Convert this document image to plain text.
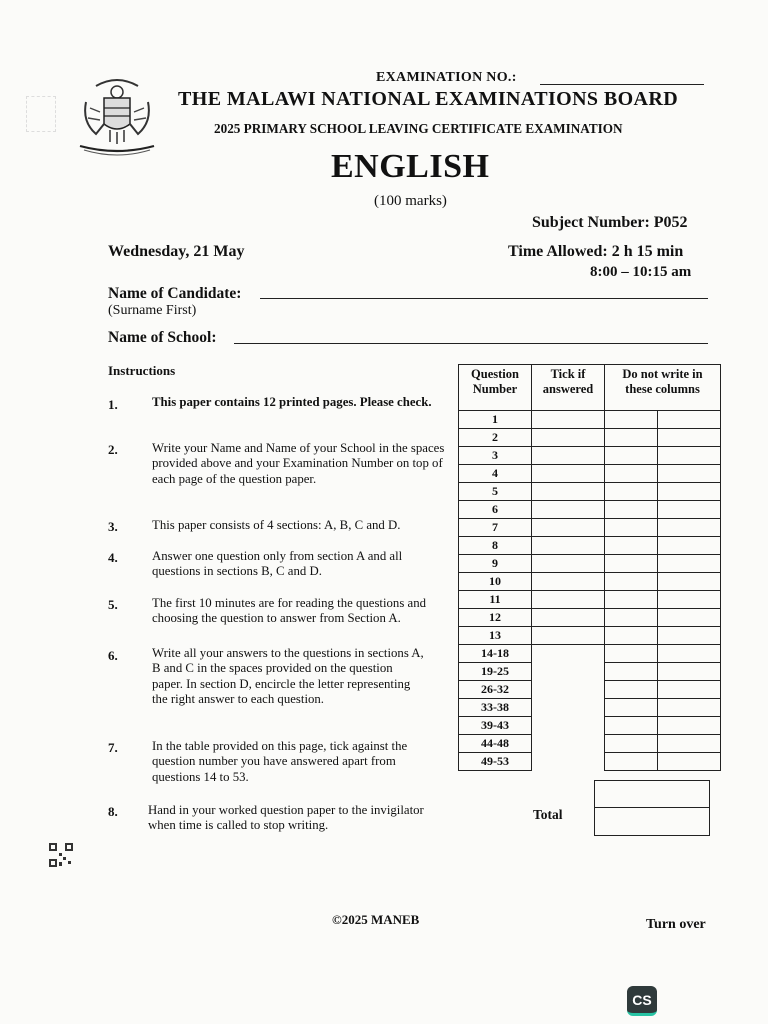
EXAMINATION NO.:
THE MALAWI NATIONAL EXAMINATIONS BOARD
2025 PRIMARY SCHOOL LEAVING CERTIFICATE EXAMINATION
ENGLISH
(100 marks)
Subject Number: P052
Wednesday, 21 May	Time Allowed: 2 h 15 min
8:00 – 10:15 am
Name of Candidate:
(Surname First)
Name of School:
Instructions
1.	This paper contains 12 printed pages. Please check.
2.	Write your Name and Name of your School in the spaces provided above and your Examination Number on top of each page of the question paper.
3.	This paper consists of 4 sections: A, B, C and D.
4.	Answer one question only from section A and all questions in sections B, C and D.
5.	The first 10 minutes are for reading the questions and choosing the question to answer from Section A.
6.	Write all your answers to the questions in sections A, B and C in the spaces provided on the question paper. In section D, encircle the letter representing the right answer to each question.
7.	In the table provided on this page, tick against the question number you have answered apart from questions 14 to 53.
8. Hand in your worked question paper to the invigilator when time is called to stop writing.
Question Number	Tick if answered	Do not write in these columns	
1			
2			
3			
4			
5			
6			
7			
8			
9			
10			
11			
12			
13			
14-18			
19-25			
26-32			
33-38			
39-43			
44-48			
49-53			
Total
©2025 MANEB	Turn over
CS
